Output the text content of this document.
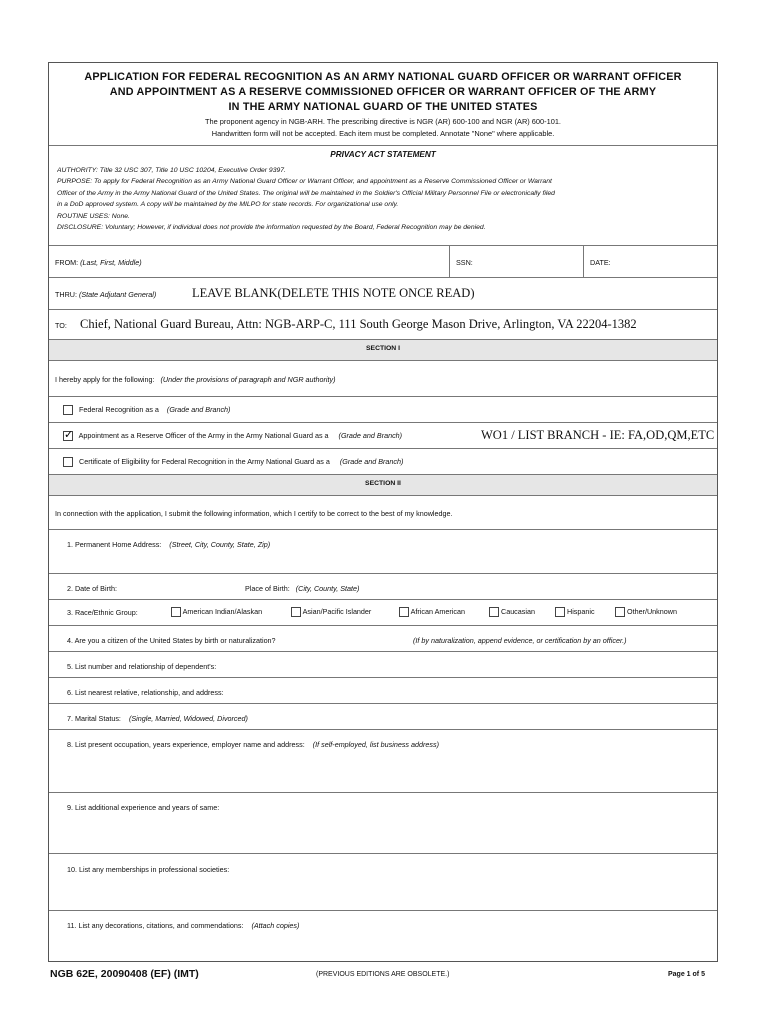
APPLICATION FOR FEDERAL RECOGNITION AS AN ARMY NATIONAL GUARD OFFICER OR WARRANT OFFICER
AND APPOINTMENT AS A RESERVE COMMISSIONED OFFICER OR WARRANT OFFICER OF THE ARMY
IN THE ARMY NATIONAL GUARD OF THE UNITED STATES
The proponent agency in NGB-ARH. The prescribing directive is NGR (AR) 600-100 and NGR (AR) 600-101.
Handwritten form will not be accepted. Each item must be completed. Annotate "None" where applicable.
PRIVACY ACT STATEMENT
AUTHORITY: Title 32 USC 307, Title 10 USC 10204, Executive Order 9397.
PURPOSE: To apply for Federal Recognition as an Army National Guard Officer or Warrant Officer, and appointment as a Reserve Commissioned Officer or Warrant
Officer of the Army in the Army National Guard of the United States. The original will be maintained in the Soldier's Official Military Personnel File or electronically filed
in a DoD approved system. A copy will be maintained by the MILPO for state records. For organizational use only.
ROUTINE USES: None.
DISCLOSURE: Voluntary; However, if individual does not provide the information requested by the Board, Federal Recognition may be denied.
FROM: (Last, First, Middle)	SSN:	DATE:
THRU: (State Adjutant General)	LEAVE BLANK(DELETE THIS NOTE ONCE READ)
TO: Chief, National Guard Bureau, Attn: NGB-ARP-C, 111 South George Mason Drive, Arlington, VA 22204-1382
SECTION I
I hereby apply for the following: (Under the provisions of paragraph and NGR authority)
Federal Recognition as a (Grade and Branch)
✓   Appointment as a Reserve Officer of the Army in the Army National Guard as a (Grade and Branch)	WO1 / LIST BRANCH - IE: FA,OD,QM,ETC
Certificate of Eligibility for Federal Recognition in the Army National Guard as a (Grade and Branch)
SECTION II
In connection with the application, I submit the following information, which I certify to be correct to the best of my knowledge.
1. Permanent Home Address: (Street, City, County, State, Zip)
2. Date of Birth:	Place of Birth: (City, County, State)
3. Race/Ethnic Group:	American Indian/Alaskan	Asian/Pacific Islander	African American	Caucasian	Hispanic	Other/Unknown
4. Are you a citizen of the United States by birth or naturalization?	(If by naturalization, append evidence, or certification by an officer.)
5. List number and relationship of dependent's:
6. List nearest relative, relationship, and address:
7. Marital Status: (Single, Married, Widowed, Divorced)
8. List present occupation, years experience, employer name and address: (If self-employed, list business address)
9. List additional experience and years of same:
10. List any memberships in professional societies:
11. List any decorations, citations, and commendations: (Attach copies)
NGB 62E, 20090408 (EF) (IMT)	(PREVIOUS EDITIONS ARE OBSOLETE.)	Page 1 of 5
